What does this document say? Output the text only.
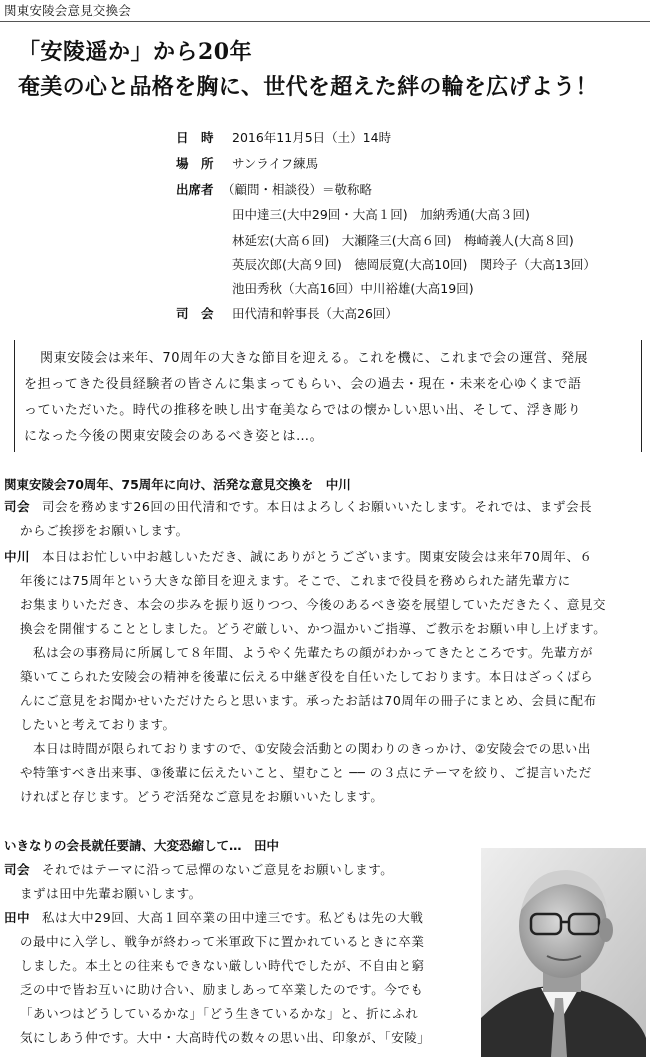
関東安陵会意見交換会
「安陵遥か」から20年
奄美の心と品格を胸に、世代を超えた絆の輪を広げよう！
日　時 2016年11月5日（土）14時
場　所 サンライフ練馬
出席者 （顧問・相談役）＝敬称略
田中達三(大中29回・大高１回)　加納秀通(大高３回)
林延宏(大高６回)　大瀬隆三(大高６回)　梅崎義人(大高８回)
英辰次郎(大高９回)　徳岡辰寛(大高10回)　関玲子（大高13回）
池田秀秋（大高16回）中川裕雄(大高19回)
司　会 田代清和幹事長（大高26回）
関東安陵会は来年、70周年の大きな節目を迎える。これを機に、これまで会の運営、発展
を担ってきた役員経験者の皆さんに集まってもらい、会の過去・現在・未来を心ゆくまで語
っていただいた。時代の推移を映し出す奄美ならではの懐かしい思い出、そして、浮き彫り
になった今後の関東安陵会のあるべき姿とは…。
関東安陵会70周年、75周年に向け、活発な意見交換を　中川
司会 司会を務めます26回の田代清和です。本日はよろしくお願いいたします。それでは、まず会長
からご挨拶をお願いします。
中川 本日はお忙しい中お越しいただき、誠にありがとうございます。関東安陵会は来年70周年、６
年後には75周年という大きな節目を迎えます。そこで、これまで役員を務められた諸先輩方に
お集まりいただき、本会の歩みを振り返りつつ、今後のあるべき姿を展望していただきたく、意見交
換会を開催することとしました。どうぞ厳しい、かつ温かいご指導、ご教示をお願い申し上げます。
　私は会の事務局に所属して８年間、ようやく先輩たちの顔がわかってきたところです。先輩方が
築いてこられた安陵会の精神を後輩に伝える中継ぎ役を自任いたしております。本日はざっくばら
んにご意見をお聞かせいただけたらと思います。承ったお話は70周年の冊子にまとめ、会員に配布
したいと考えております。
　本日は時間が限られておりますので、①安陵会活動との関わりのきっかけ、②安陵会での思い出
や特筆すべき出来事、③後輩に伝えたいこと、望むこと ── の３点にテーマを絞り、ご提言いただ
ければと存じます。どうぞ活発なご意見をお願いいたします。
いきなりの会長就任要請、大変恐縮して…　田中
司会 それではテーマに沿って忌憚のないご意見をお願いします。
まずは田中先輩お願いします。
田中 私は大中29回、大高１回卒業の田中達三です。私どもは先の大戦
の最中に入学し、戦争が終わって米軍政下に置かれているときに卒業
しました。本土との往来もできない厳しい時代でしたが、不自由と窮
乏の中で皆お互いに助け合い、励ましあって卒業したのです。今でも
「あいつはどうしているかな」「どう生きているかな」と、折にふれ
気にしあう仲です。大中・大高時代の数々の思い出、印象が、「安陵」
